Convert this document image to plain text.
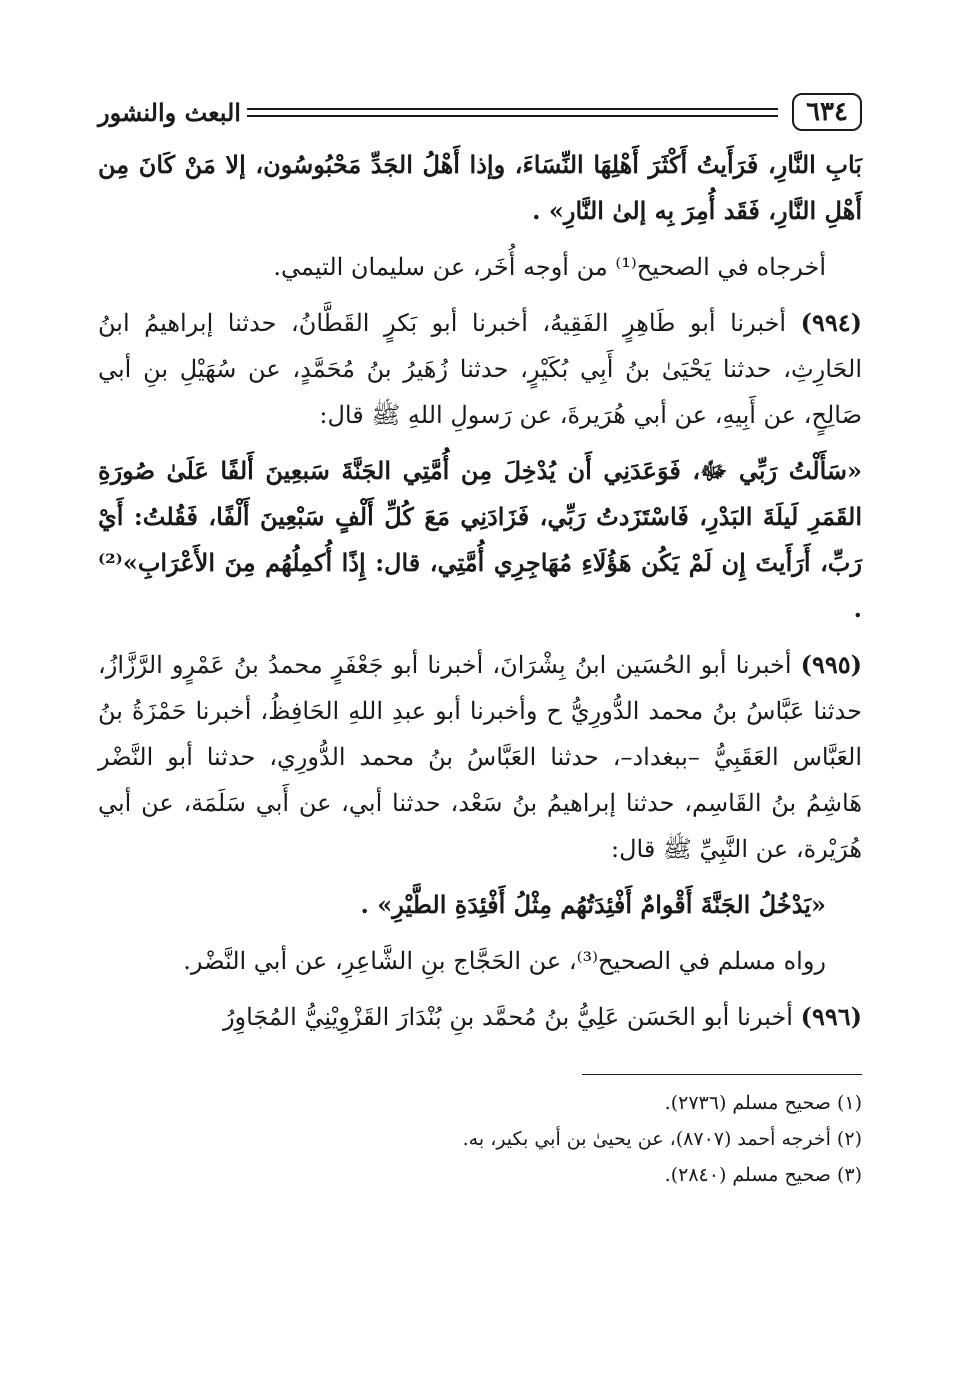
٦٣٤
البعث والنشور

بَابِ النَّارِ، فَرَأَيتُ أَكْثَرَ أَهْلِهَا النِّسَاءَ، وإذا أَهْلُ الجَدِّ مَحْبُوسُون، إلا مَنْ كَانَ مِن أَهْلِ النَّارِ، فَقَد أُمِرَ بِه إلىٰ النَّارِ» .

أخرجاه في الصحيح⁽¹⁾ من أوجه أُخَر، عن سليمان التيمي.

(٩٩٤) أخبرنا أبو طَاهِرٍ الفَقِيهُ، أخبرنا أبو بَكرٍ القَطَّانُ، حدثنا إبراهيمُ ابنُ الحَارِثِ، حدثنا يَحْيَىٰ بنُ أَبِي بُكَيْرٍ، حدثنا زُهَيرُ بنُ مُحَمَّدٍ، عن سُهَيْلِ بنِ أبي صَالِحٍ، عن أَبِيهِ، عن أبي هُرَيرةَ، عن رَسولِ اللهِ ﷺ قال:

«سَأَلْتُ رَبِّي ﷻ، فَوَعَدَنِي أَن يُدْخِلَ مِن أُمَّتِي الجَنَّةَ سَبعِينَ أَلفًا عَلَىٰ صُورَةِ القَمَرِ لَيلَةَ البَدْرِ، فَاسْتَزَدتُ رَبِّي، فَزَادَنِي مَعَ كُلِّ أَلْفٍ سَبْعِينَ أَلْفًا، فَقُلتُ: أَيْ رَبِّ، أَرَأَيتَ إِن لَمْ يَكُن هَؤُلَاءِ مُهَاجِرِي أُمَّتِي، قال: إِذًا أُكمِلُهُم مِنَ الأَعْرَابِ»⁽²⁾ .

(٩٩٥) أخبرنا أبو الحُسَين ابنُ بِشْرَانَ، أخبرنا أبو جَعْفَرٍ محمدُ بنُ عَمْرٍو الرَّزَّازُ، حدثنا عَبَّاسُ بنُ محمد الدُّورِيُّ ح وأخبرنا أبو عبدِ اللهِ الحَافِظُ، أخبرنا حَمْزَةُ بنُ العَبَّاس العَقَبِيُّ –ببغداد–، حدثنا العَبَّاسُ بنُ محمد الدُّورِي، حدثنا أبو النَّضْر هَاشِمُ بنُ القَاسِم، حدثنا إبراهيمُ بنُ سَعْد، حدثنا أبي، عن أَبي سَلَمَة، عن أبي هُرَيْرة، عن النَّبِيِّ ﷺ قال:

«يَدْخُلُ الجَنَّةَ أَقْوامٌ أَفْئِدَتُهُم مِثْلُ أَفْئِدَةِ الطَّيْرِ» .

رواه مسلم في الصحيح⁽³⁾، عن الحَجَّاج بنِ الشَّاعِرِ، عن أبي النَّضْر.

(٩٩٦) أخبرنا أبو الحَسَن عَلِيُّ بنُ مُحمَّد بنِ بُنْدَارَ القَزْوِيْنِيُّ المُجَاوِرُ

(١) صحيح مسلم (٢٧٣٦).
(٢) أخرجه أحمد (٨٧٠٧)، عن يحيىٰ بن أبي بكير، به.
(٣) صحيح مسلم (٢٨٤٠).
